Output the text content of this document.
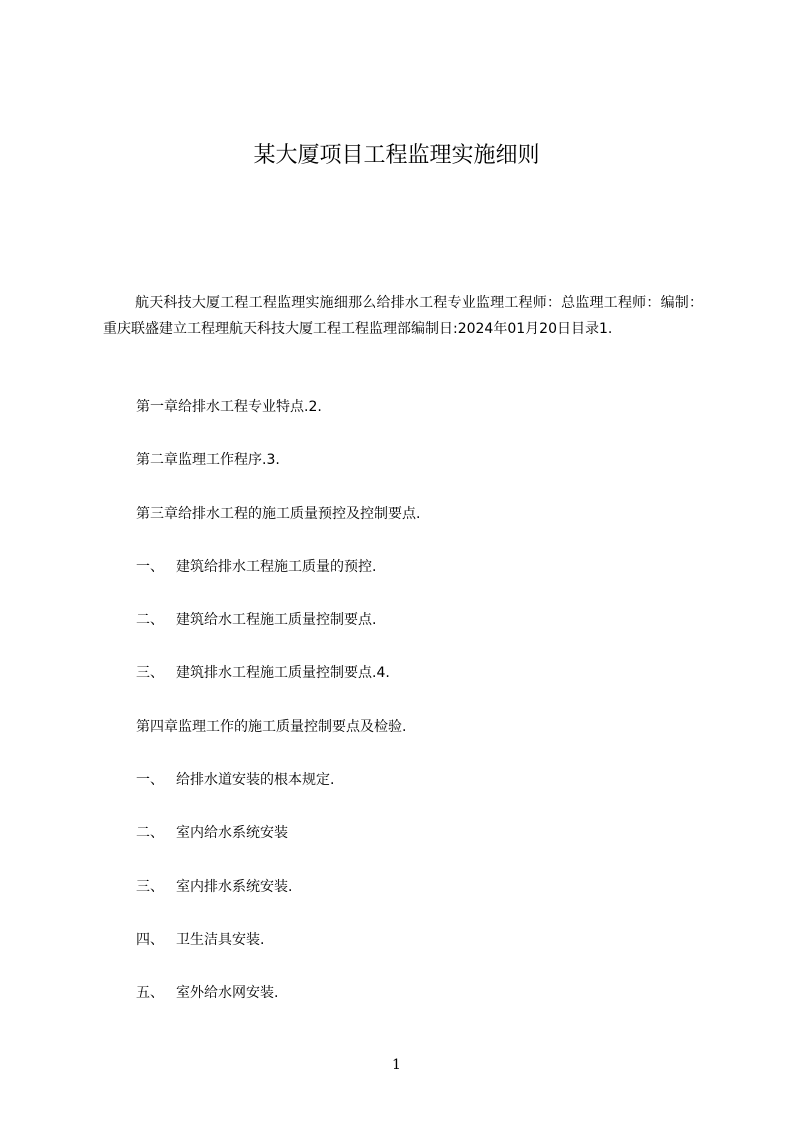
某大厦项目工程监理实施细则
航天科技大厦工程工程监理实施细那么给排水工程专业监理工程师：总监理工程师：编制：重庆联盛建立工程理航天科技大厦工程工程监理部编制日:2024年01月20日目录1.
第一章给排水工程专业特点.2.
第二章监理工作程序.3.
第三章给排水工程的施工质量预控及控制要点.
一、 建筑给排水工程施工质量的预控.
二、 建筑给水工程施工质量控制要点.
三、 建筑排水工程施工质量控制要点.4.
第四章监理工作的施工质量控制要点及检验.
一、 给排水道安装的根本规定.
二、 室内给水系统安装
三、 室内排水系统安装.
四、 卫生洁具安装.
五、 室外给水网安装.
1
